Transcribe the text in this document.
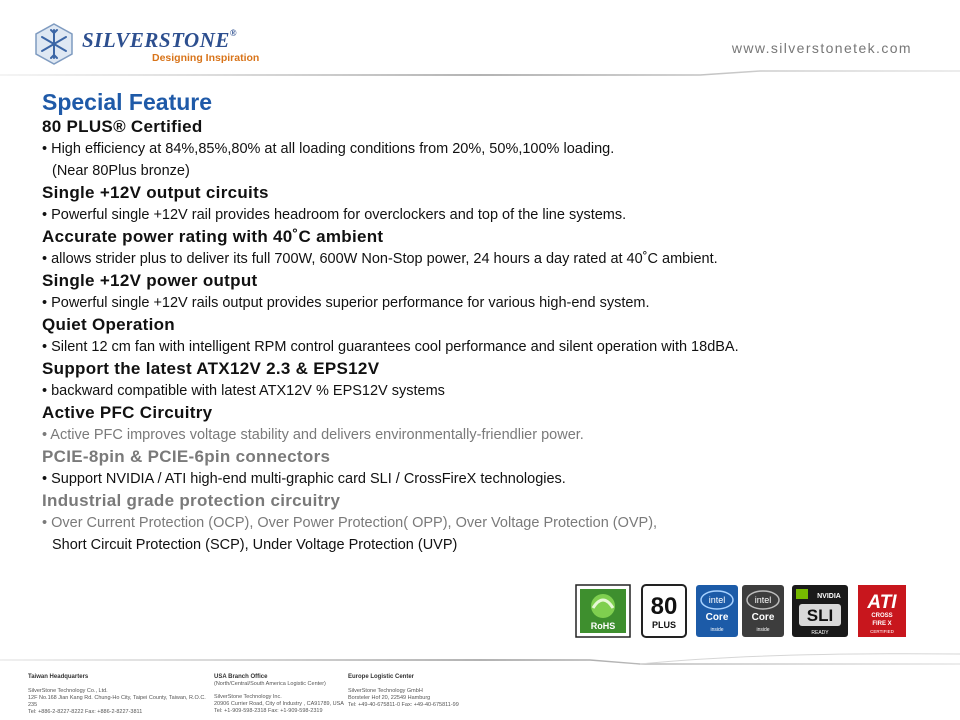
SILVERSTONE®
Designing Inspiration
www.silverstonetek.com
Special Feature
80 PLUS® Certified
• High efficiency at 84%,85%,80% at all loading conditions from 20%, 50%,100% loading.
(Near 80Plus bronze)
Single +12V output circuits
• Powerful single +12V rail provides headroom for overclockers and top of the line systems.
Accurate power rating with 40˚C ambient
• allows strider plus to deliver its full 700W, 600W Non-Stop power, 24 hours a day rated at 40˚C ambient.
Single +12V power output
• Powerful single +12V rails output provides superior performance for various high-end system.
Quiet Operation
• Silent 12 cm fan with intelligent RPM control guarantees cool performance and silent operation with 18dBA.
Support the latest ATX12V 2.3 & EPS12V
• backward compatible with latest ATX12V % EPS12V systems
Active PFC Circuitry
• Active PFC improves voltage stability and delivers environmentally-friendlier power.
PCIE-8pin & PCIE-6pin connectors
• Support NVIDIA / ATI high-end multi-graphic card SLI / CrossFireX technologies.
Industrial grade protection circuitry
• Over Current Protection (OCP), Over Power Protection( OPP), Over Voltage Protection (OVP),
Short Circuit Protection (SCP), Under Voltage Protection (UVP)
RoHS
80
PLUS
intel
Core
inside
intel
Core
inside
NVIDIA
SLI
READY
ATI
CROSS
FIRE X
CERTIFIED
Taiwan Headquarters
SilverStone Technology Co., Ltd.
12F No.168 Jian Kang Rd. Chung-Ho City, Taipei County, Taiwan, R.O.C. 235
Tel: +886-2-8227-8222 Fax: +886-2-8227-3811
USA Branch Office
(North/Central/South America Logistic Center)
SilverStone Technology Inc.
20906 Currier Road, City of Industry , CA91789, USA
Tel: +1-909-598-2318 Fax: +1-909-598-2319
Europe Logistic Center
SilverStone Technology GmbH
Borsteler Hof 20, 22549 Hamburg
Tel: +49-40-675811-0 Fax: +49-40-675811-99
